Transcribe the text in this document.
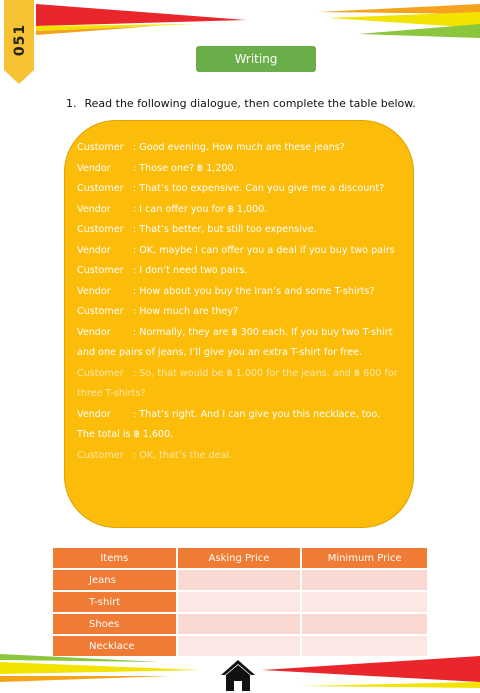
051
Writing
1. Read the following dialogue, then complete the table below.

Customer : Good evening. How much are these jeans?

Vendor : Those one? ฿ 1,200.

Customer : That’s too expensive. Can you give me a discount?

Vendor : I can offer you for ฿ 1,000.

Customer : That’s better, but still too expensive.

Vendor : OK, maybe I can offer you a deal if you buy two pairs

Customer : I don’t need two pairs.

Vendor : How about you buy the Iran’s and some T-shirts?

Customer : How much are they?

Vendor : Normally, they are ฿ 300 each. If you buy two T-shirt and one pairs of jeans, I’ll give you an extra T-shirt for free.

Customer : So, that would be ฿ 1,000 for the jeans, and ฿ 600 for three T-shirts?

Vendor : That’s right. And I can give you this necklace, too. The total is ฿ 1,600.

Customer : OK, that’s the deal.

Items	Asking Price	Minimum Price
Jeans		
T-shirt		
Shoes		
Necklace		
